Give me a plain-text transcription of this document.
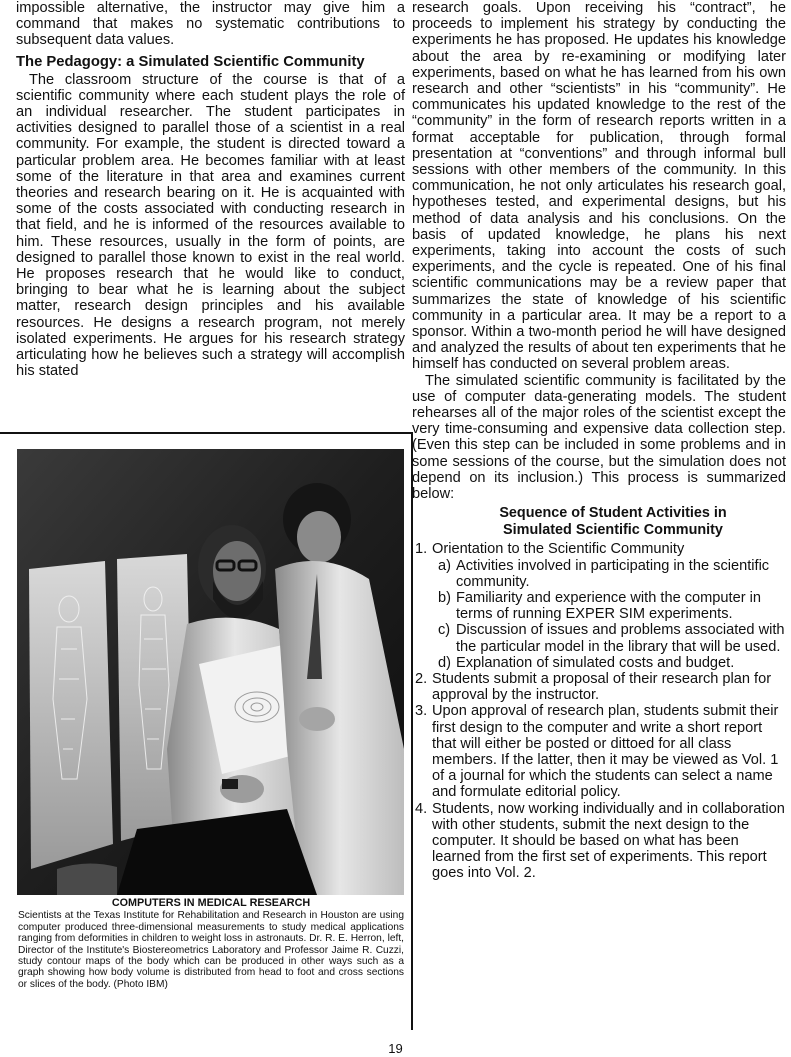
impossible alternative, the instructor may give him a command that makes no systematic contributions to subsequent data values.

The Pedagogy: a Simulated Scientific Community

The classroom structure of the course is that of a scientific community where each student plays the role of an individual researcher. The student participates in activities designed to parallel those of a scientist in a real community. For example, the student is directed toward a particular problem area. He becomes familiar with at least some of the literature in that area and examines current theories and research bearing on it. He is acquainted with some of the costs associated with conducting research in that field, and he is informed of the resources available to him. These resources, usually in the form of points, are designed to parallel those known to exist in the real world. He proposes research that he would like to conduct, bringing to bear what he is learning about the subject matter, research design principles and his available resources. He designs a research program, not merely isolated experiments. He argues for his research strategy articulating how he believes such a strategy will accomplish his stated

COMPUTERS IN MEDICAL RESEARCH
Scientists at the Texas Institute for Rehabilitation and Research in Houston are using computer produced three-dimensional measurements to study medical applications ranging from deformities in children to weight loss in astronauts. Dr. R. E. Herron, left, Director of the Institute's Biostereometrics Laboratory and Professor Jaime R. Cuzzi, study contour maps of the body which can be produced in other ways such as a graph showing how body volume is distributed from head to foot and cross sections or slices of the body. (Photo IBM)

research goals. Upon receiving his “contract”, he proceeds to implement his strategy by conducting the experiments he has proposed. He updates his knowledge about the area by re-examining or modifying later experiments, based on what he has learned from his own research and other “scientists” in his “community”. He communicates his updated knowledge to the rest of the “community” in the form of research reports written in a format acceptable for publication, through formal presentation at “conventions” and through informal bull sessions with other members of the community. In this communication, he not only articulates his research goal, hypotheses tested, and experimental designs, but his method of data analysis and his conclusions. On the basis of updated knowledge, he plans his next experiments, taking into account the costs of such experiments, and the cycle is repeated. One of his final scientific communications may be a review paper that summarizes the state of knowledge of his scientific community in a particular area. It may be a report to a sponsor. Within a two-month period he will have designed and analyzed the results of about ten experiments that he himself has conducted on several problem areas.

The simulated scientific community is facilitated by the use of computer data-generating models. The student rehearses all of the major roles of the scientist except the very time-consuming and expensive data collection step. (Even this step can be included in some problems and in some sessions of the course, but the simulation does not depend on its inclusion.) This process is summarized below:

Sequence of Student Activities in
Simulated Scientific Community
1. Orientation to the Scientific Community
a) Activities involved in participating in the scientific community.
b) Familiarity and experience with the computer in terms of running EXPER SIM experiments.
c) Discussion of issues and problems associated with the particular model in the library that will be used.
d) Explanation of simulated costs and budget.
2. Students submit a proposal of their research plan for approval by the instructor.
3. Upon approval of research plan, students submit their first design to the computer and write a short report that will either be posted or dittoed for all class members. If the latter, then it may be viewed as Vol. 1 of a journal for which the students can select a name and formulate editorial policy.
4. Students, now working individually and in collaboration with other students, submit the next design to the computer. It should be based on what has been learned from the first set of experiments. This report goes into Vol. 2.
19
